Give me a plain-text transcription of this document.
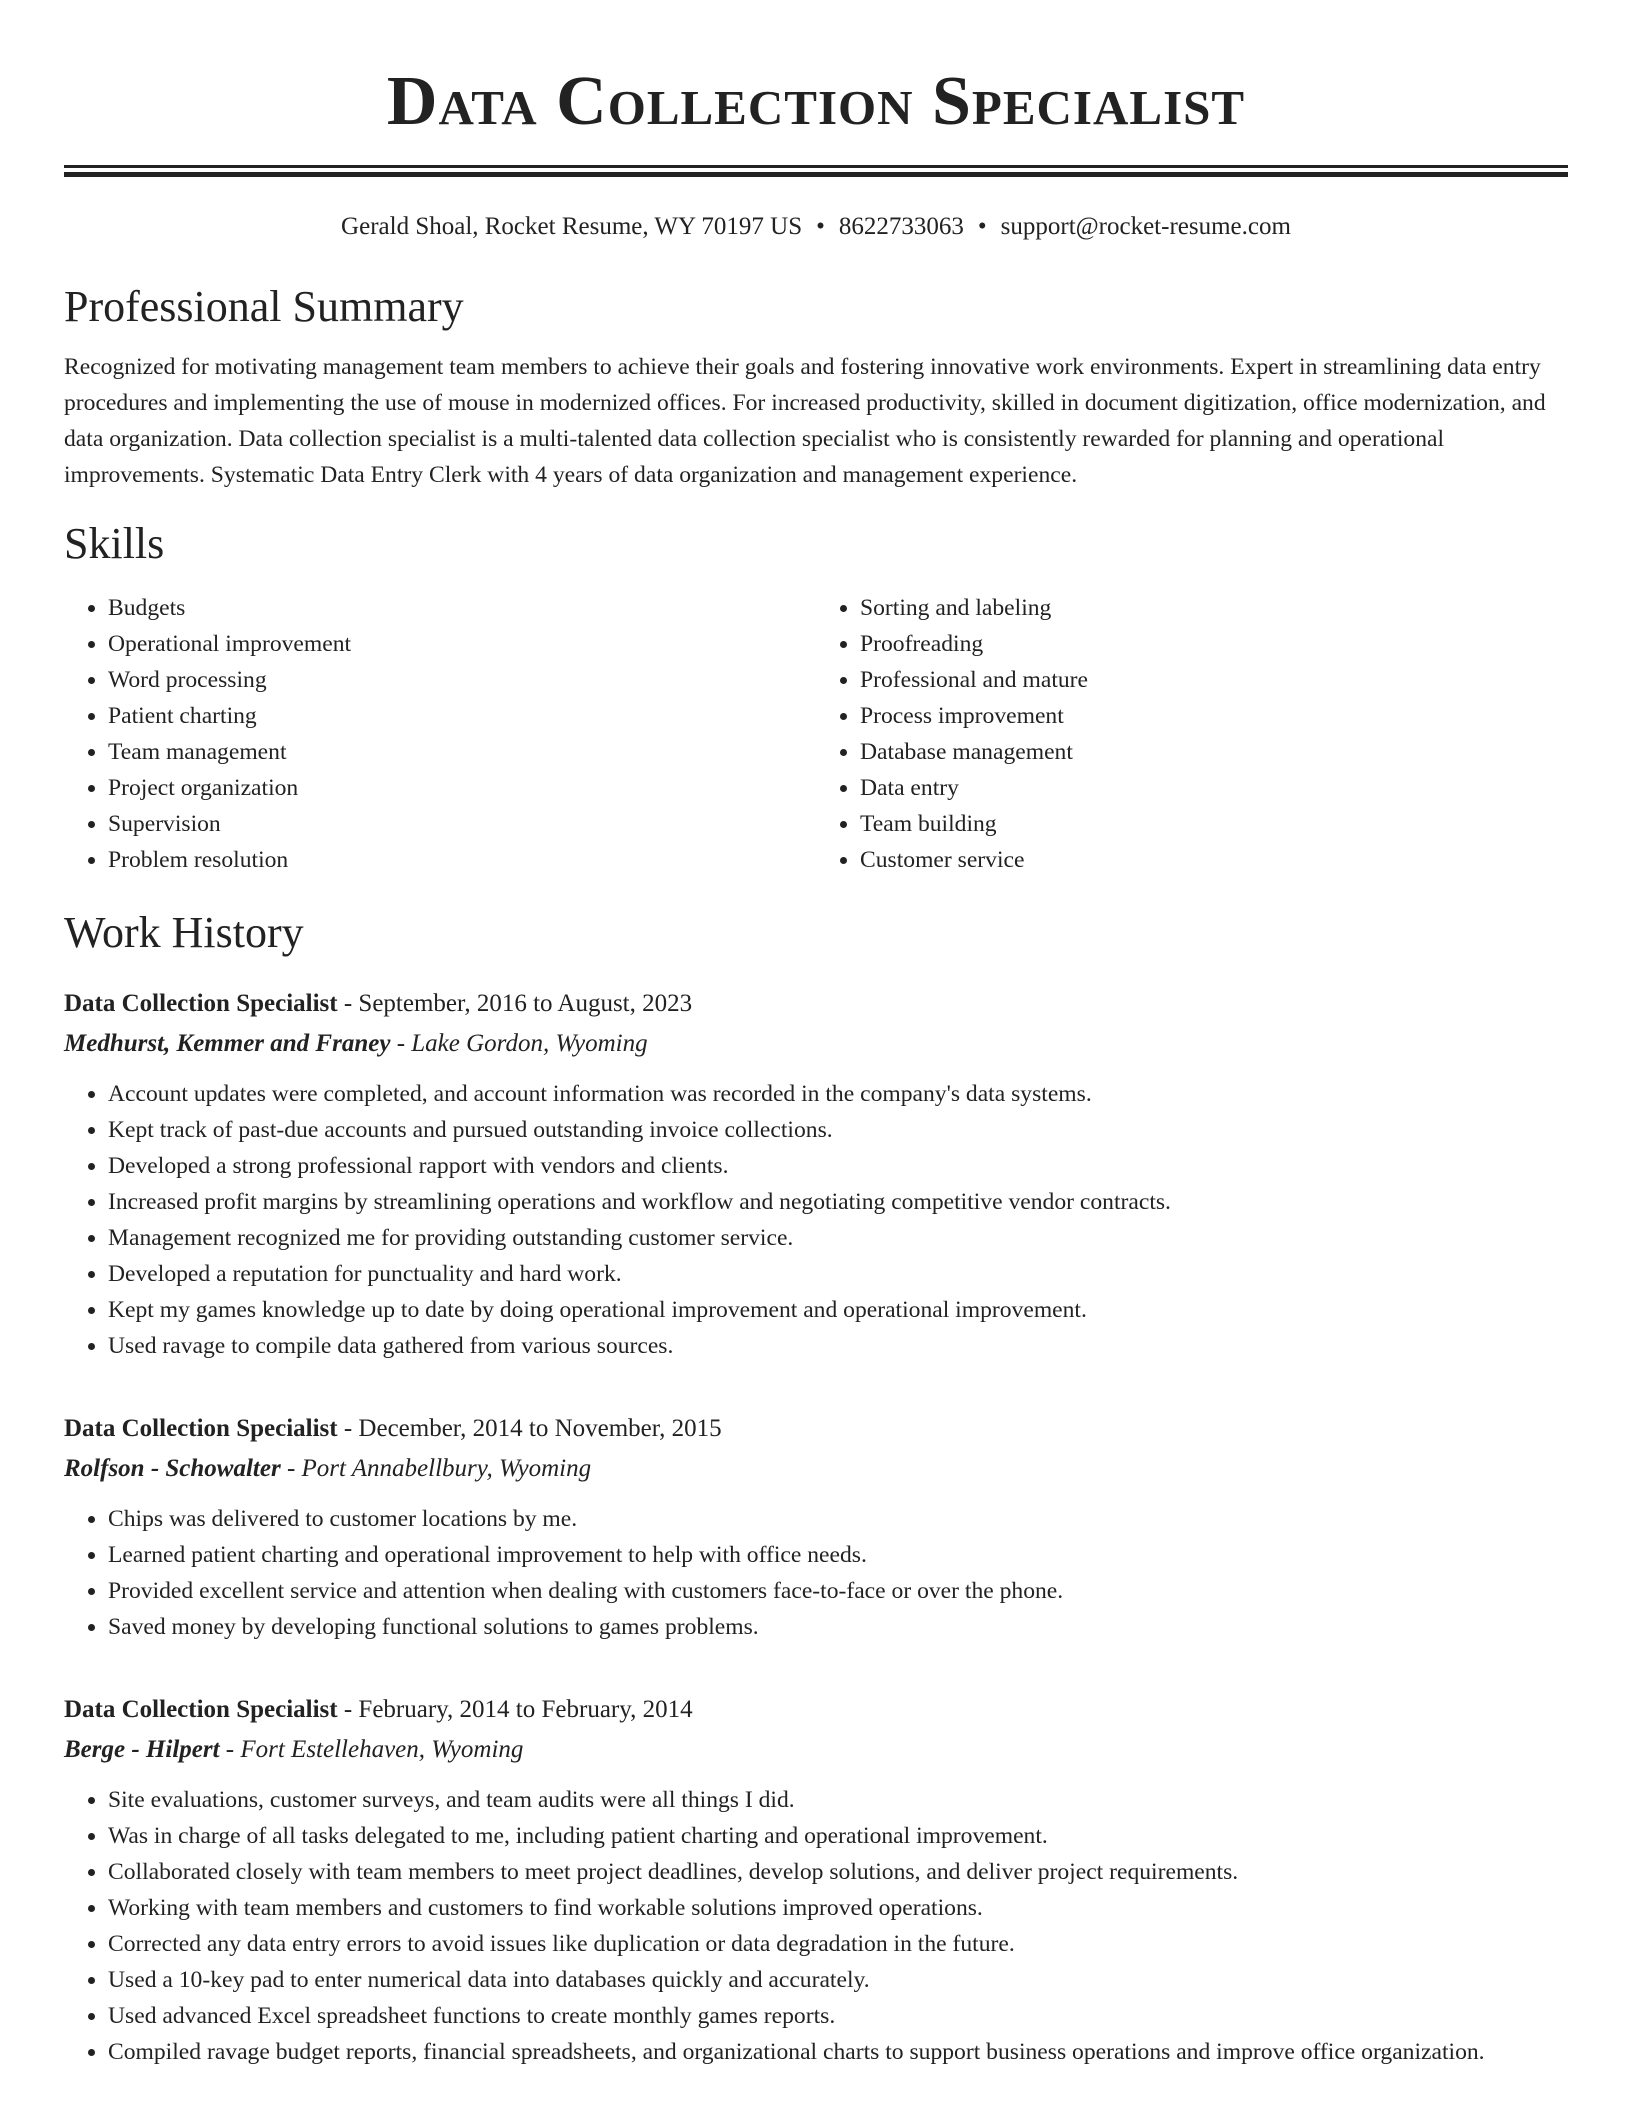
Data Collection Specialist
Gerald Shoal, Rocket Resume, WY 70197 US • 8622733063 • support@rocket-resume.com
Professional Summary

Recognized for motivating management team members to achieve their goals and fostering innovative work environments. Expert in streamlining data entry procedures and implementing the use of mouse in modernized offices. For increased productivity, skilled in document digitization, office modernization, and data organization. Data collection specialist is a multi-talented data collection specialist who is consistently rewarded for planning and operational improvements. Systematic Data Entry Clerk with 4 years of data organization and management experience.

Skills
• Budgets
• Operational improvement
• Word processing
• Patient charting
• Team management
• Project organization
• Supervision
• Problem resolution
• Sorting and labeling
• Proofreading
• Professional and mature
• Process improvement
• Database management
• Data entry
• Team building
• Customer service
Work History
Data Collection Specialist - September, 2016 to August, 2023
Medhurst, Kemmer and Franey - Lake Gordon, Wyoming
• Account updates were completed, and account information was recorded in the company's data systems.
• Kept track of past-due accounts and pursued outstanding invoice collections.
• Developed a strong professional rapport with vendors and clients.
• Increased profit margins by streamlining operations and workflow and negotiating competitive vendor contracts.
• Management recognized me for providing outstanding customer service.
• Developed a reputation for punctuality and hard work.
• Kept my games knowledge up to date by doing operational improvement and operational improvement.
• Used ravage to compile data gathered from various sources.
Data Collection Specialist - December, 2014 to November, 2015
Rolfson - Schowalter - Port Annabellbury, Wyoming
• Chips was delivered to customer locations by me.
• Learned patient charting and operational improvement to help with office needs.
• Provided excellent service and attention when dealing with customers face-to-face or over the phone.
• Saved money by developing functional solutions to games problems.
Data Collection Specialist - February, 2014 to February, 2014
Berge - Hilpert - Fort Estellehaven, Wyoming
• Site evaluations, customer surveys, and team audits were all things I did.
• Was in charge of all tasks delegated to me, including patient charting and operational improvement.
• Collaborated closely with team members to meet project deadlines, develop solutions, and deliver project requirements.
• Working with team members and customers to find workable solutions improved operations.
• Corrected any data entry errors to avoid issues like duplication or data degradation in the future.
• Used a 10-key pad to enter numerical data into databases quickly and accurately.
• Used advanced Excel spreadsheet functions to create monthly games reports.
• Compiled ravage budget reports, financial spreadsheets, and organizational charts to support business operations and improve office organization.
